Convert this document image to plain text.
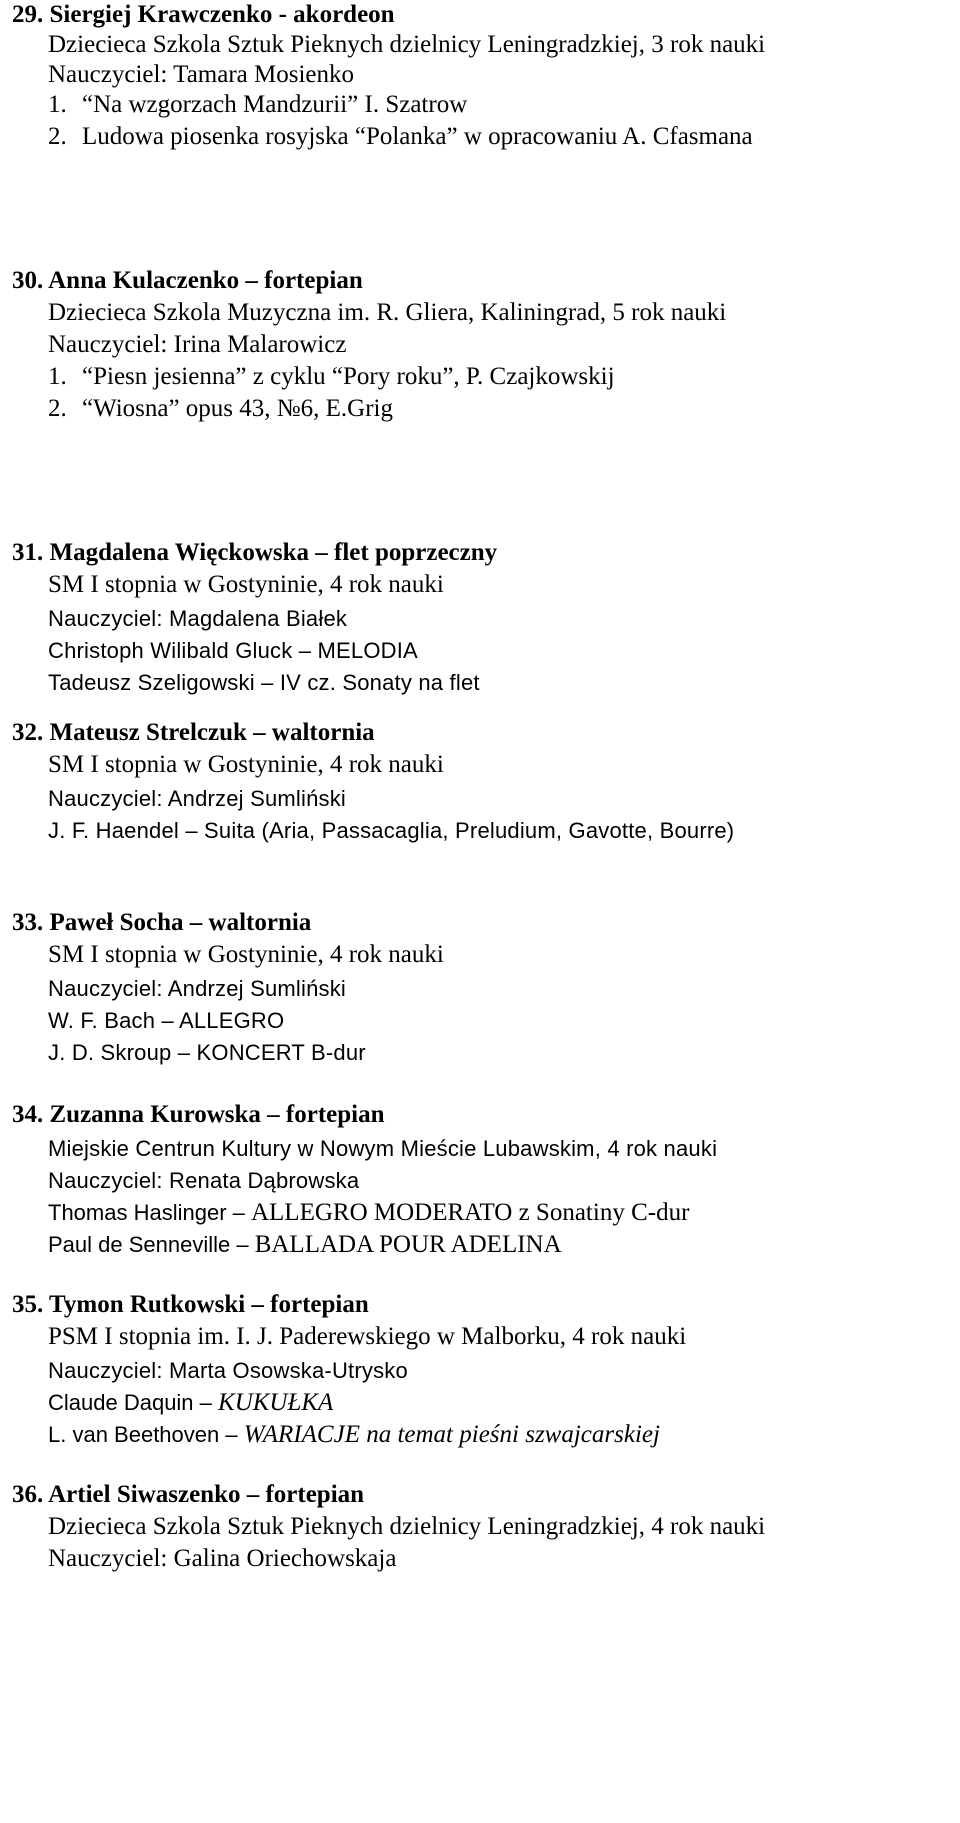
29. Siergiej Krawczenko - akordeon
Dziecieca Szkola Sztuk Pieknych dzielnicy Leningradzkiej, 3 rok nauki
Nauczyciel: Tamara Mosienko
1. “Na wzgorzach Mandzurii” I. Szatrow
2. Ludowa piosenka rosyjska “Polanka” w opracowaniu A. Cfasmana
30. Anna Kulaczenko – fortepian
Dziecieca Szkola Muzyczna im. R. Gliera, Kaliningrad, 5 rok nauki
Nauczyciel: Irina Malarowicz
1. “Piesn jesienna” z cyklu “Pory roku”, P. Czajkowskij
2. “Wiosna” opus 43, №6, E.Grig
31. Magdalena Więckowska – flet poprzeczny
SM I stopnia w Gostyninie, 4 rok nauki
Nauczyciel: Magdalena Białek
Christoph Wilibald Gluck – MELODIA
Tadeusz Szeligowski – IV cz. Sonaty na flet
32. Mateusz Strelczuk – waltornia
SM I stopnia w Gostyninie, 4 rok nauki
Nauczyciel: Andrzej Sumliński
J. F. Haendel – Suita (Aria, Passacaglia, Preludium, Gavotte, Bourre)
33. Paweł Socha – waltornia
SM I stopnia w Gostyninie, 4 rok nauki
Nauczyciel: Andrzej Sumliński
W. F. Bach – ALLEGRO
J. D. Skroup – KONCERT B-dur
34. Zuzanna Kurowska – fortepian
Miejskie Centrun Kultury w Nowym Mieście Lubawskim, 4 rok nauki
Nauczyciel: Renata Dąbrowska
Thomas Haslinger – ALLEGRO MODERATO z Sonatiny C-dur
Paul de Senneville – BALLADA POUR ADELINA
35. Tymon Rutkowski – fortepian
PSM I stopnia im. I. J. Paderewskiego w Malborku, 4 rok nauki
Nauczyciel: Marta Osowska-Utrysko
Claude Daquin – KUKUŁKA
L. van Beethoven – WARIACJE na temat pieśni szwajcarskiej
36. Artiel Siwaszenko – fortepian
Dziecieca Szkola Sztuk Pieknych dzielnicy Leningradzkiej, 4 rok nauki
Nauczyciel: Galina Oriechowskaja
